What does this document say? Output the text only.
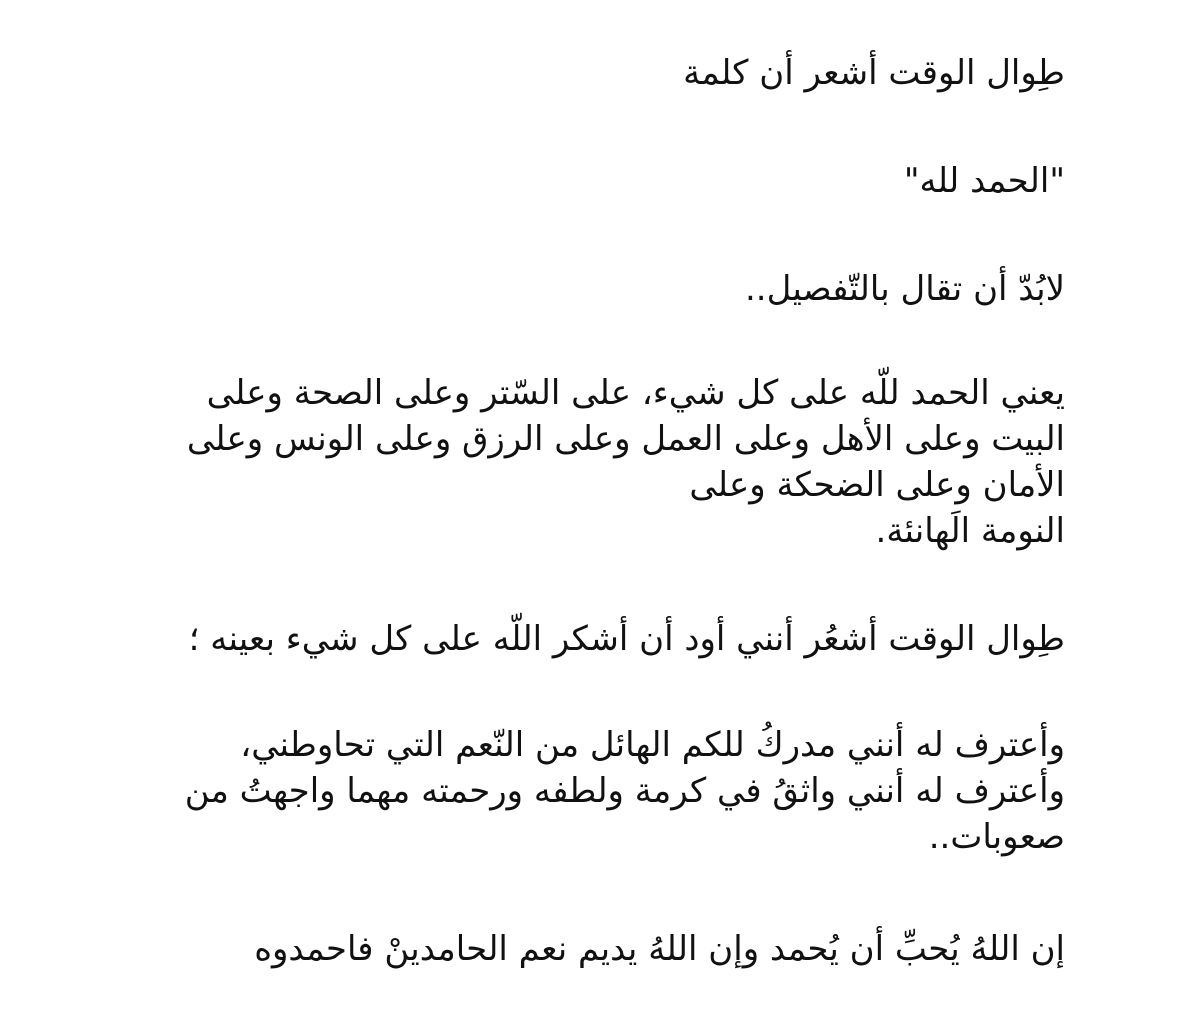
طِوال الوقت أشعر أن كلمة

"الحمد لله"

لابُدّ أن تقال بالتّفصيل..

يعني الحمد للّه على كل شيء، على السّتر وعلى الصحة وعلى

البيت وعلى الأهل وعلى العمل وعلى الرزق وعلى الونس وعلى

الأمان وعلى الضحكة وعلى

النومة الَهانئة.

طِوال الوقت أشعُر أنني أود أن أشكر اللّه على كل شيء بعينه ؛

وأعترف له أنني مدركُ للكم الهائل من النّعم التي تحاوطني،

وأعترف له أنني واثقُ في كرمة ولطفه ورحمته مهما واجهتُ من

صعوبات..

إن اللهُ يُحبِّ أن يُحمد وإن اللهُ يديم نعم الحامدينْ فاحمدوه
